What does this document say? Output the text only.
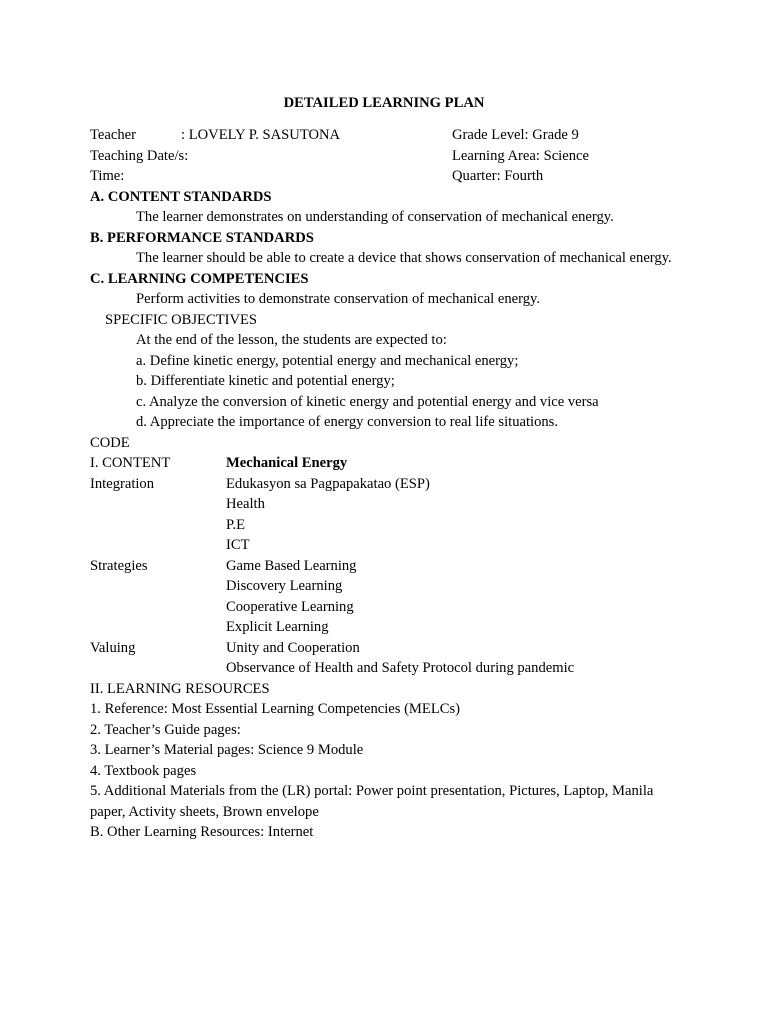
DETAILED LEARNING PLAN
Teacher	: LOVELY P. SASUTONA	Grade Level: Grade 9
Teaching Date/s:	Learning Area: Science
Time:	Quarter: Fourth
A. CONTENT STANDARDS
The learner demonstrates on understanding of conservation of mechanical energy.
B. PERFORMANCE STANDARDS
The learner should be able to create a device that shows conservation of mechanical energy.
C. LEARNING COMPETENCIES
Perform activities to demonstrate conservation of mechanical energy.
SPECIFIC OBJECTIVES
At the end of the lesson, the students are expected to:
a. Define kinetic energy, potential energy and mechanical energy;
b. Differentiate kinetic and potential energy;
c. Analyze the conversion of kinetic energy and potential energy and vice versa
d. Appreciate the importance of energy conversion to real life situations.
CODE
I. CONTENT	Mechanical Energy
Integration	Edukasyon sa Pagpapakatao (ESP)
Health
P.E
ICT
Strategies	Game Based Learning
Discovery Learning
Cooperative Learning
Explicit Learning
Valuing	Unity and Cooperation
Observance of Health and Safety Protocol during pandemic
II. LEARNING RESOURCES
1. Reference: Most Essential Learning Competencies (MELCs)
2. Teacher’s Guide pages:
3. Learner’s Material pages: Science 9 Module
4. Textbook pages
5. Additional Materials from the (LR) portal: Power point presentation, Pictures, Laptop, Manila paper, Activity sheets, Brown envelope
B. Other Learning Resources: Internet
